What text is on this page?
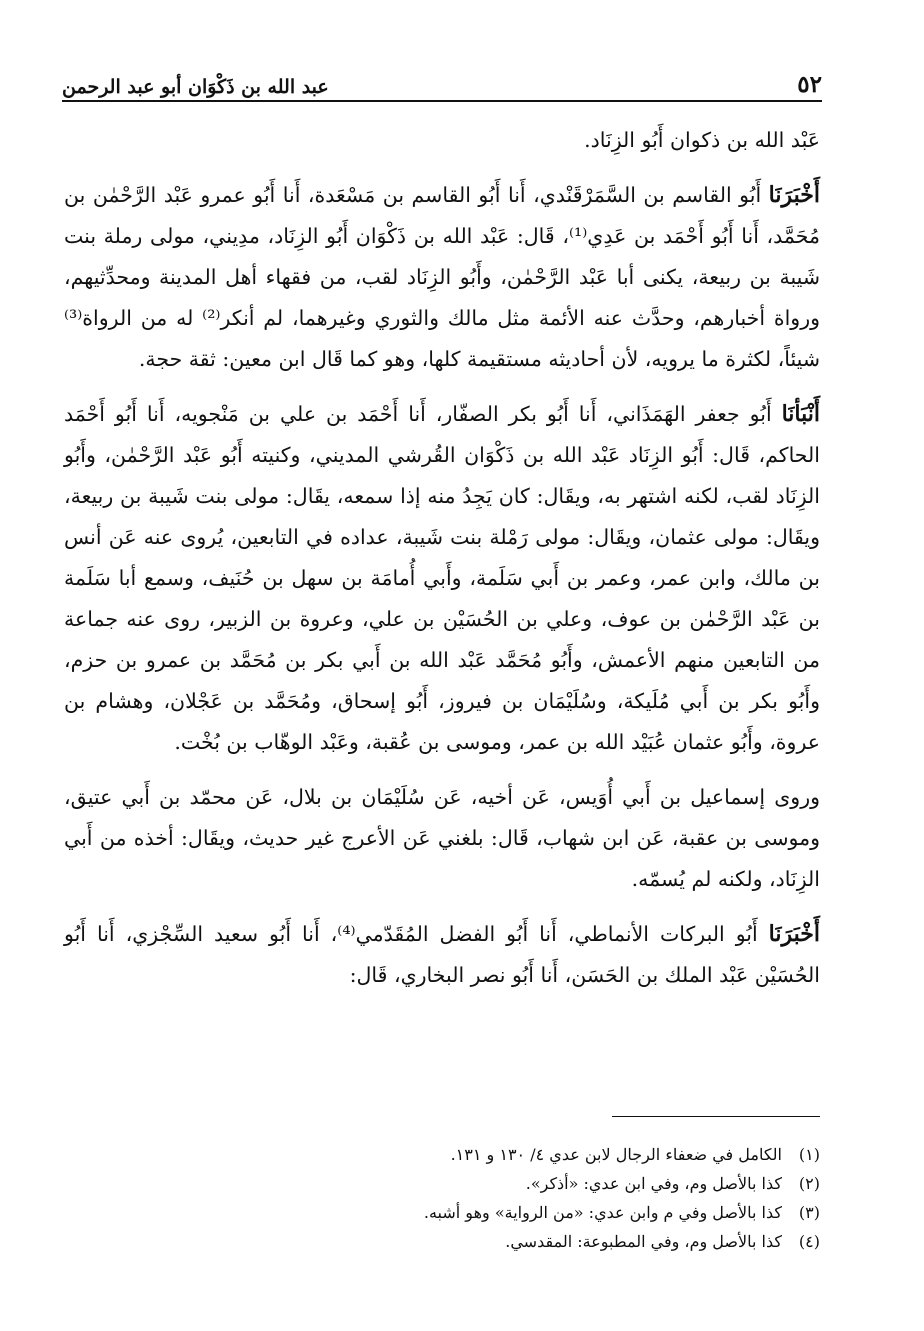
٥٢
عبد الله بن ذَكْوَان أبو عبد الرحمن

عَبْد الله بن ذكوان أَبُو الزِنَاد.

أَخْبَرَنَا أَبُو القاسم بن السَّمَرْقَنْدي، أَنا أَبُو القاسم بن مَسْعَدة، أَنا أَبُو عمرو عَبْد الرَّحْمٰن بن مُحَمَّد، أَنا أَبُو أَحْمَد بن عَدِي⁽¹⁾، قَال: عَبْد الله بن ذَكْوَان أَبُو الزِنَاد، مدِيني، مولى رملة بنت شَيبة بن ربيعة، يكنى أبا عَبْد الرَّحْمٰن، وأَبُو الزِنَاد لقب، من فقهاء أهل المدينة ومحدِّثيهم، ورواة أخبارهم، وحدَّث عنه الأئمة مثل مالك والثوري وغيرهما، لم أنكر⁽²⁾ له من الرواة⁽³⁾ شيئاً، لكثرة ما يرويه، لأن أحاديثه مستقيمة كلها، وهو كما قَال ابن معين: ثقة حجة.

أَنْبَأنَا أَبُو جعفر الهَمَذَاني، أَنا أَبُو بكر الصفّار، أَنا أَحْمَد بن علي بن مَنْجويه، أَنا أَبُو أَحْمَد الحاكم، قَال: أَبُو الزِنَاد عَبْد الله بن ذَكْوَان القُرشي المديني، وكنيته أَبُو عَبْد الرَّحْمٰن، وأَبُو الزِنَاد لقب، لكنه اشتهر به، ويقَال: كان يَجِدُ منه إذا سمعه، يقَال: مولى بنت شَيبة بن ربيعة، ويقَال: مولى عثمان، ويقَال: مولى رَمْلة بنت شَيبة، عداده في التابعين، يُروى عنه عَن أنس بن مالك، وابن عمر، وعمر بن أَبي سَلَمة، وأَبي أُمامَة بن سهل بن حُنَيف، وسمع أبا سَلَمة بن عَبْد الرَّحْمٰن بن عوف، وعلي بن الحُسَيْن بن علي، وعروة بن الزبير، روى عنه جماعة من التابعين منهم الأعمش، وأَبُو مُحَمَّد عَبْد الله بن أَبي بكر بن مُحَمَّد بن عمرو بن حزم، وأَبُو بكر بن أَبي مُلَيكة، وسُلَيْمَان بن فيروز، أَبُو إسحاق، ومُحَمَّد بن عَجْلان، وهشام بن عروة، وأَبُو عثمان عُبَيْد الله بن عمر، وموسى بن عُقبة، وعَبْد الوهّاب بن بُخْت.

وروى إسماعيل بن أَبي أُوَيس، عَن أخيه، عَن سُلَيْمَان بن بلال، عَن محمّد بن أَبي عتيق، وموسى بن عقبة، عَن ابن شهاب، قَال: بلغني عَن الأعرج غير حديث، ويقَال: أخذه من أَبي الزِنَاد، ولكنه لم يُسمّه.

أَخْبَرَنَا أَبُو البركات الأنماطي، أَنا أَبُو الفضل المُقَدّمي⁽⁴⁾، أَنا أَبُو سعيد السِّجْزي، أَنا أَبُو الحُسَيْن عَبْد الملك بن الحَسَن، أَنا أَبُو نصر البخاري، قَال:

(١)الكامل في ضعفاء الرجال لابن عدي ٤/ ١٣٠ و ١٣١.

(٢)كذا بالأصل وم، وفي ابن عدي: «أذكر».

(٣)كذا بالأصل وفي م وابن عدي: «من الرواية» وهو أشبه.

(٤)كذا بالأصل وم، وفي المطبوعة: المقدسي.
